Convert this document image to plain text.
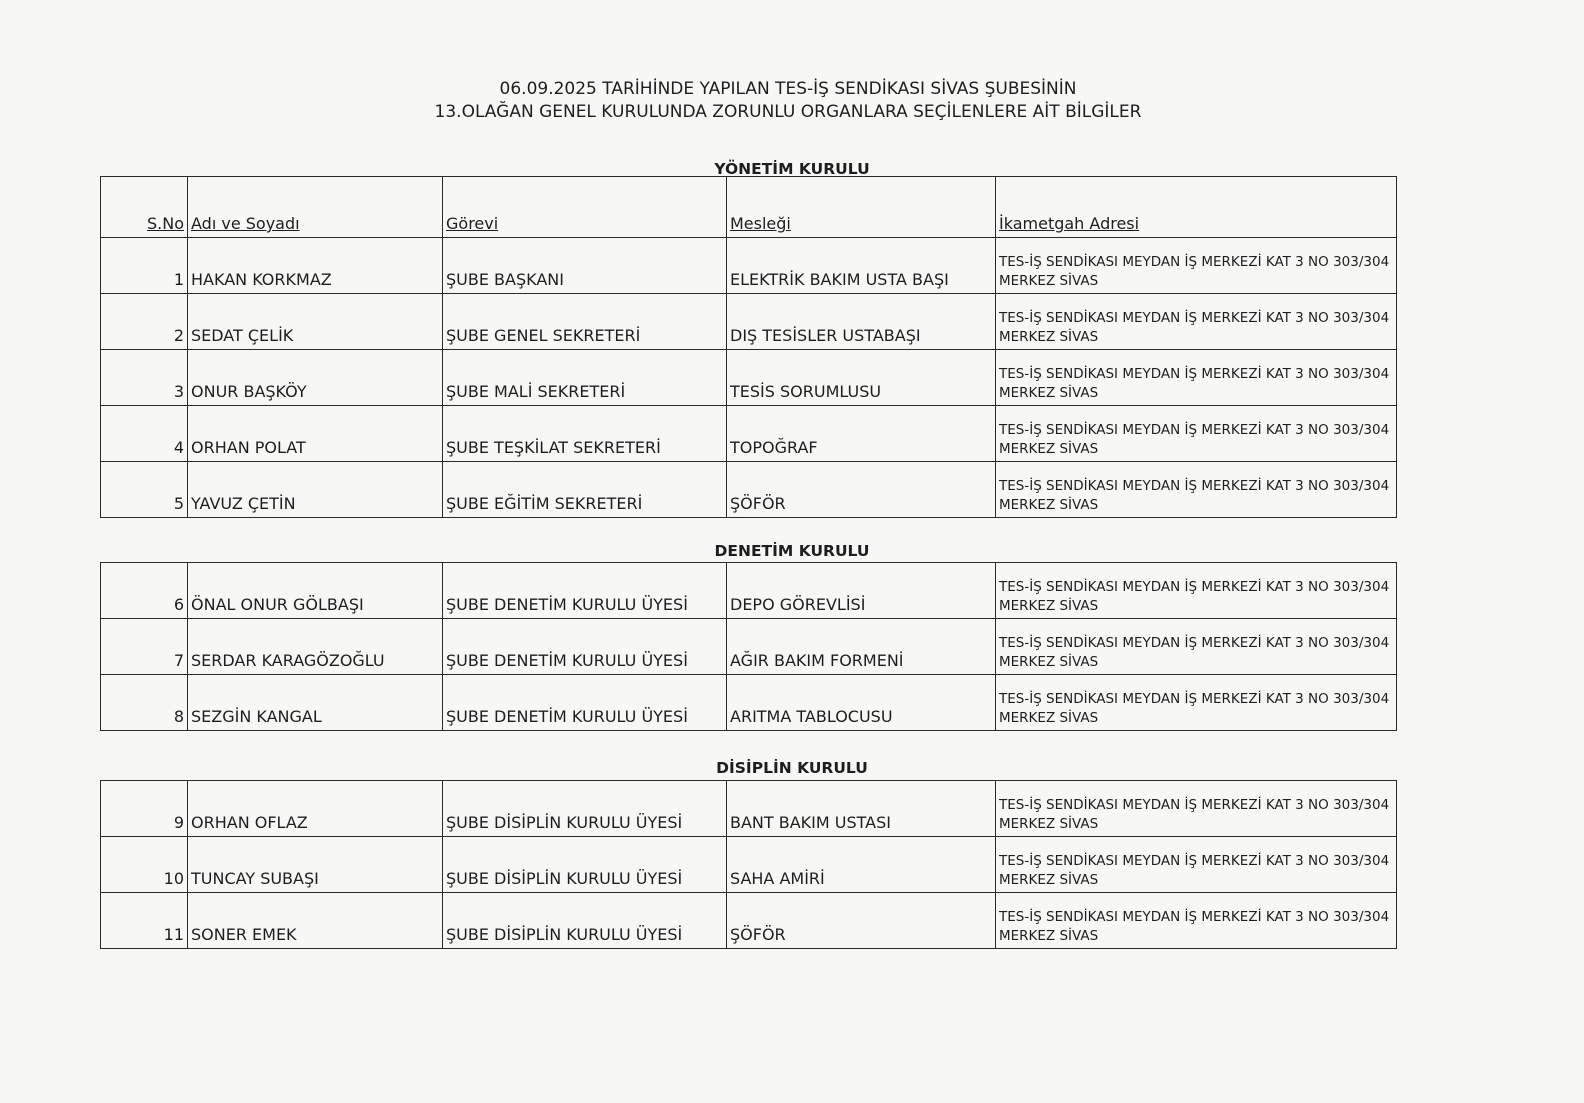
06.09.2025 TARİHİNDE YAPILAN TES-İŞ SENDİKASI SİVAS ŞUBESİNİN
13.OLAĞAN GENEL KURULUNDA ZORUNLU ORGANLARA SEÇİLENLERE AİT BİLGİLER
YÖNETİM KURULU
S.No	Adı ve Soyadı	Görevi	Mesleği	İkametgah Adresi
1	HAKAN KORKMAZ	ŞUBE BAŞKANI	ELEKTRİK BAKIM USTA BAŞI	TES-İŞ SENDİKASI MEYDAN İŞ MERKEZİ KAT 3 NO 303/304 MERKEZ SİVAS
2	SEDAT ÇELİK	ŞUBE GENEL SEKRETERİ	DIŞ TESİSLER USTABAŞI	TES-İŞ SENDİKASI MEYDAN İŞ MERKEZİ KAT 3 NO 303/304 MERKEZ SİVAS
3	ONUR BAŞKÖY	ŞUBE MALİ SEKRETERİ	TESİS SORUMLUSU	TES-İŞ SENDİKASI MEYDAN İŞ MERKEZİ KAT 3 NO 303/304 MERKEZ SİVAS
4	ORHAN POLAT	ŞUBE TEŞKİLAT SEKRETERİ	TOPOĞRAF	TES-İŞ SENDİKASI MEYDAN İŞ MERKEZİ KAT 3 NO 303/304 MERKEZ SİVAS
5	YAVUZ ÇETİN	ŞUBE EĞİTİM SEKRETERİ	ŞÖFÖR	TES-İŞ SENDİKASI MEYDAN İŞ MERKEZİ KAT 3 NO 303/304 MERKEZ SİVAS
DENETİM KURULU
6	ÖNAL ONUR GÖLBAŞI	ŞUBE DENETİM KURULU ÜYESİ	DEPO GÖREVLİSİ	TES-İŞ SENDİKASI MEYDAN İŞ MERKEZİ KAT 3 NO 303/304 MERKEZ SİVAS
7	SERDAR KARAGÖZOĞLU	ŞUBE DENETİM KURULU ÜYESİ	AĞIR BAKIM FORMENİ	TES-İŞ SENDİKASI MEYDAN İŞ MERKEZİ KAT 3 NO 303/304 MERKEZ SİVAS
8	SEZGİN KANGAL	ŞUBE DENETİM KURULU ÜYESİ	ARITMA TABLOCUSU	TES-İŞ SENDİKASI MEYDAN İŞ MERKEZİ KAT 3 NO 303/304 MERKEZ SİVAS
DİSİPLİN KURULU
9	ORHAN OFLAZ	ŞUBE DİSİPLİN KURULU ÜYESİ	BANT BAKIM USTASI	TES-İŞ SENDİKASI MEYDAN İŞ MERKEZİ KAT 3 NO 303/304 MERKEZ SİVAS
10	TUNCAY SUBAŞI	ŞUBE DİSİPLİN KURULU ÜYESİ	SAHA AMİRİ	TES-İŞ SENDİKASI MEYDAN İŞ MERKEZİ KAT 3 NO 303/304 MERKEZ SİVAS
11	SONER EMEK	ŞUBE DİSİPLİN KURULU ÜYESİ	ŞÖFÖR	TES-İŞ SENDİKASI MEYDAN İŞ MERKEZİ KAT 3 NO 303/304 MERKEZ SİVAS
